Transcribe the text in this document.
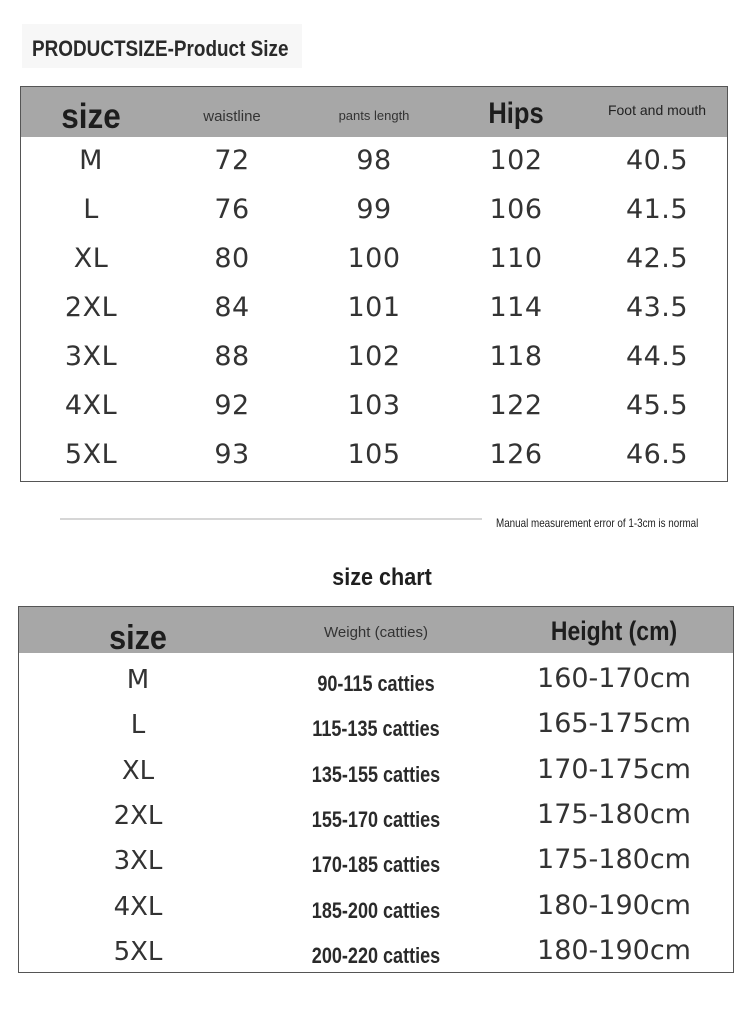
PRODUCTSIZE-Product Size
size	waistline	pants length	Hips	Foot and mouth
M	72	98	102	40.5
L	76	99	106	41.5
XL	80	100	110	42.5
2XL	84	101	114	43.5
3XL	88	102	118	44.5
4XL	92	103	122	45.5
5XL	93	105	126	46.5
Manual measurement error of 1-3cm is normal
size chart
size	Weight (catties)	Height (cm)
M	90-115 catties	160-170cm
L	115-135 catties	165-175cm
XL	135-155 catties	170-175cm
2XL	155-170 catties	175-180cm
3XL	170-185 catties	175-180cm
4XL	185-200 catties	180-190cm
5XL	200-220 catties	180-190cm
